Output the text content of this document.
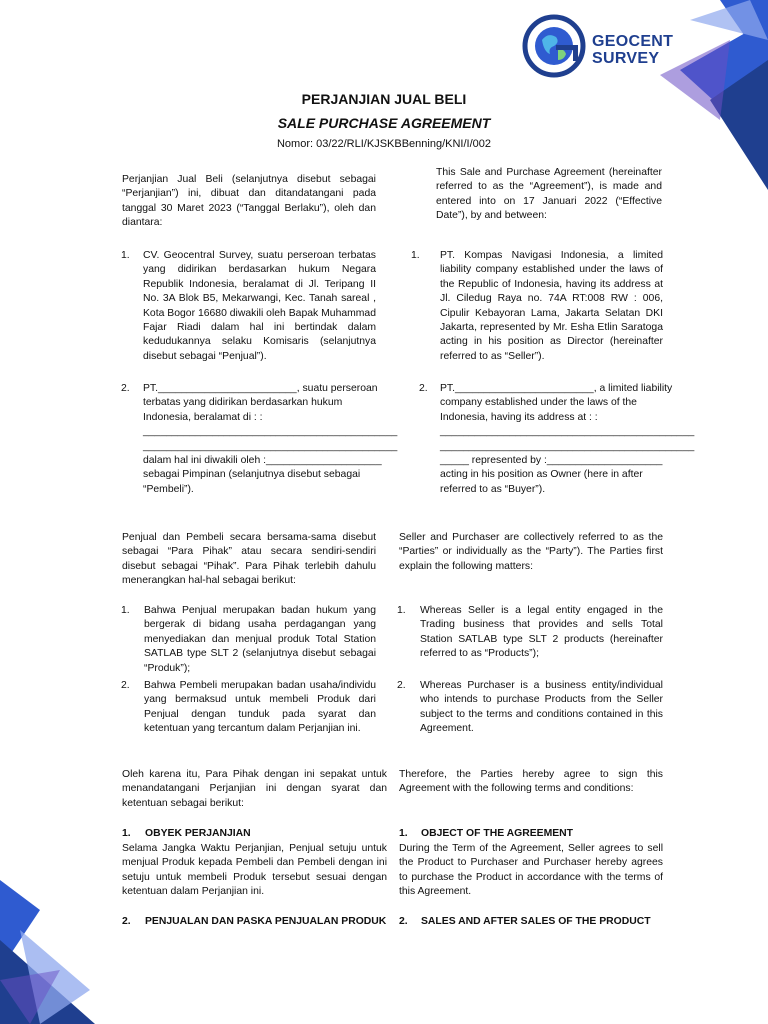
GEOCENT
SURVEY
PERJANJIAN JUAL BELI
SALE PURCHASE AGREEMENT
Nomor: 03/22/RLI/KJSKBBenning/KNI/I/002
Perjanjian Jual Beli (selanjutnya disebut sebagai “Perjanjian”) ini, dibuat dan ditandatangani pada tanggal 30 Maret 2023 (“Tanggal Berlaku”), oleh dan diantara:
This Sale and Purchase Agreement (hereinafter referred to as the “Agreement”), is made and entered into on 17 Januari 2022 (“Effective Date”), by and between:
1. CV. Geocentral Survey, suatu perseroan terbatas yang didirikan berdasarkan hukum Negara Republik Indonesia, beralamat di Jl. Teripang II No. 3A Blok B5, Mekarwangi, Kec. Tanah sareal , Kota Bogor 16680 diwakili oleh Bapak Muhammad Fajar Riadi dalam hal ini bertindak dalam kedudukannya selaku Komisaris (selanjutnya disebut sebagai “Penjual”).
1. PT. Kompas Navigasi Indonesia, a limited liability company established under the laws of the Republic of Indonesia, having its address at Jl. Ciledug Raya no. 74A RT:008 RW : 006, Cipulir Kebayoran Lama, Jakarta Selatan DKI Jakarta, represented by Mr. Esha Etlin Saratoga acting in his position as Director (hereinafter referred to as “Seller”).
2. PT.________________________, suatu perseroan
terbatas yang didirikan berdasarkan hukum
Indonesia, beralamat di : :
____________________________________________
____________________________________________
dalam hal ini diwakili oleh :____________________
sebagai Pimpinan (selanjutnya disebut sebagai
“Pembeli”).
2. PT.________________________, a limited liability
company established under the laws of the
Indonesia, having its address at : :
____________________________________________
____________________________________________
_____ represented by :____________________
acting in his position as Owner (here in after
referred to as “Buyer”).
Penjual dan Pembeli secara bersama-sama disebut sebagai “Para Pihak” atau secara sendiri-sendiri disebut sebagai “Pihak”. Para Pihak terlebih dahulu menerangkan hal-hal sebagai berikut:
Seller and Purchaser are collectively referred to as the “Parties” or individually as the “Party”). The Parties first explain the following matters:
1. Bahwa Penjual merupakan badan hukum yang bergerak di bidang usaha perdagangan yang menyediakan dan menjual produk Total Station SATLAB type SLT 2 (selanjutnya disebut sebagai “Produk”);
1. Whereas Seller is a legal entity engaged in the Trading business that provides and sells Total Station SATLAB type SLT 2 products (hereinafter referred to as “Products”);
2. Bahwa Pembeli merupakan badan usaha/individu yang bermaksud untuk membeli Produk dari Penjual dengan tunduk pada syarat dan ketentuan yang tercantum dalam Perjanjian ini.
2. Whereas Purchaser is a business entity/individual who intends to purchase Products from the Seller subject to the terms and conditions contained in this Agreement.
Oleh karena itu, Para Pihak dengan ini sepakat untuk menandatangani Perjanjian ini dengan syarat dan ketentuan sebagai berikut:
Therefore, the Parties hereby agree to sign this Agreement with the following terms and conditions:
1. OBYEK PERJANJIAN	1. OBJECT OF THE AGREEMENT
Selama Jangka Waktu Perjanjian, Penjual setuju untuk menjual Produk kepada Pembeli dan Pembeli dengan ini setuju untuk membeli Produk tersebut sesuai dengan ketentuan dalam Perjanjian ini.
During the Term of the Agreement, Seller agrees to sell the Product to Purchaser and Purchaser hereby agrees to purchase the Product in accordance with the terms of this Agreement.
2. PENJUALAN DAN PASKA PENJUALAN PRODUK 2. SALES AND AFTER SALES OF THE PRODUCT
